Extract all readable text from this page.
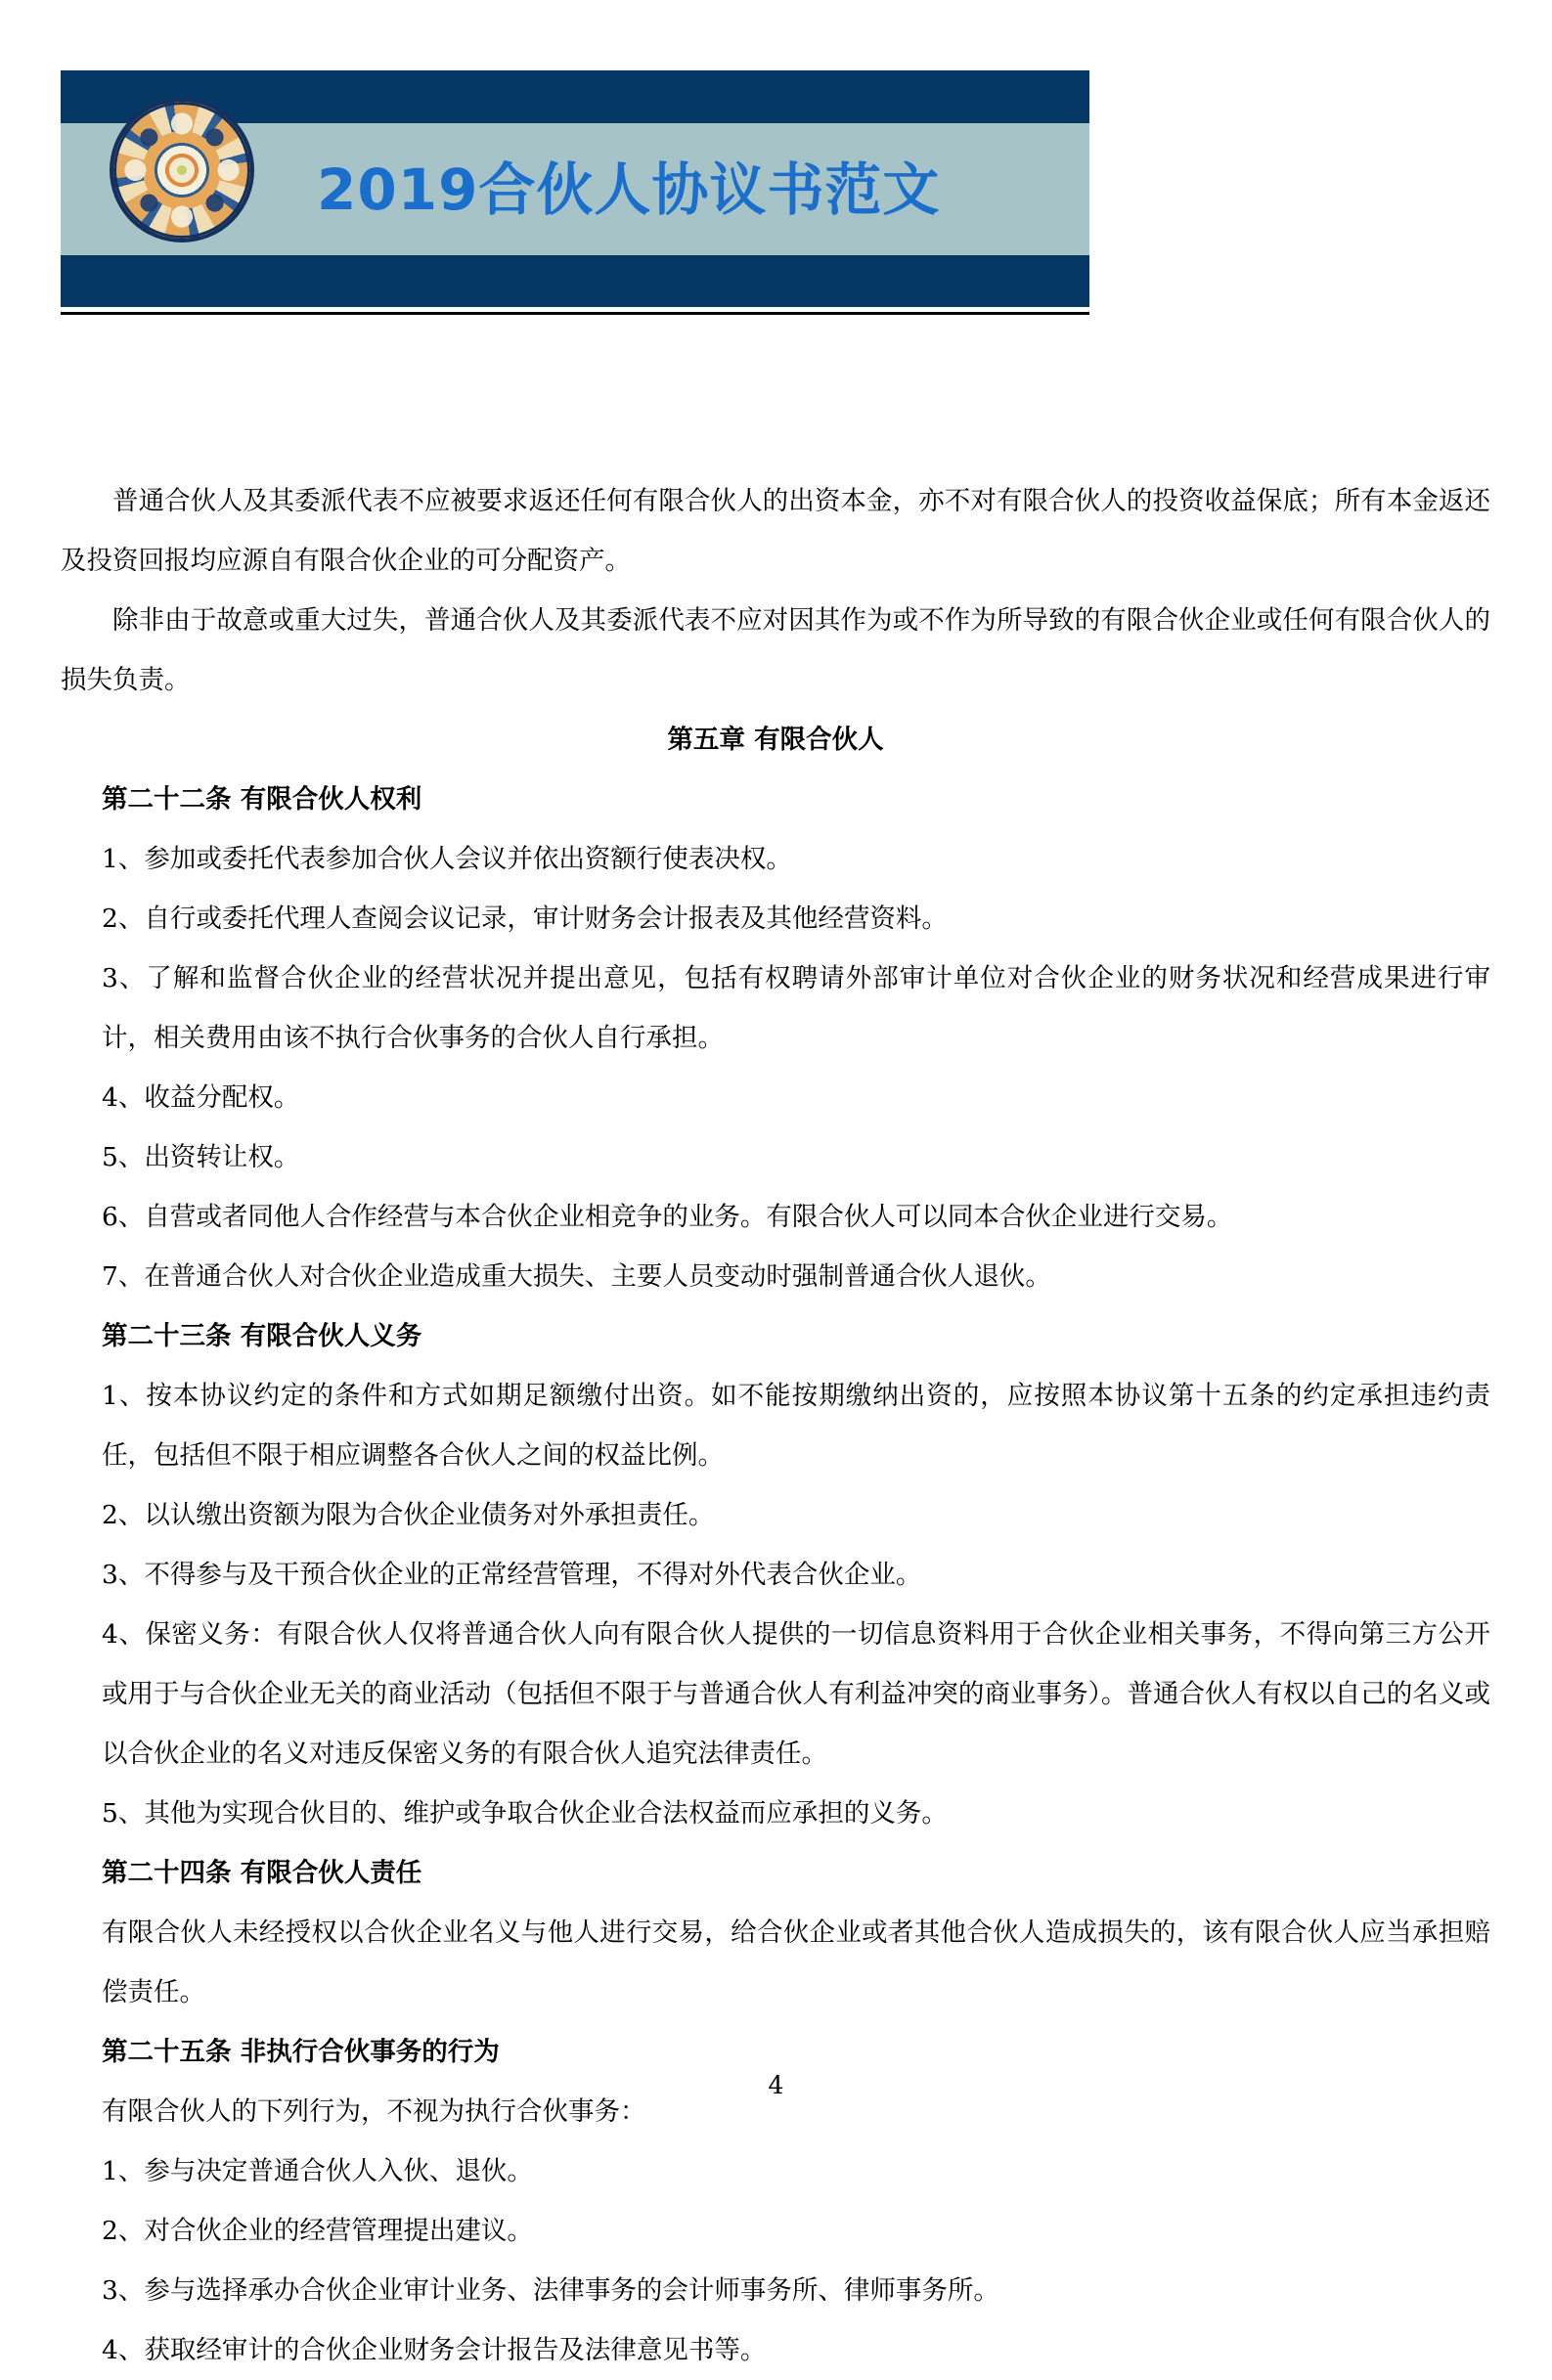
2019合伙人协议书范文

普通合伙人及其委派代表不应被要求返还任何有限合伙人的出资本金，亦不对有限合伙人的投资收益保底；所有本金返还及投资回报均应源自有限合伙企业的可分配资产。

除非由于故意或重大过失，普通合伙人及其委派代表不应对因其作为或不作为所导致的有限合伙企业或任何有限合伙人的损失负责。

第五章 有限合伙人

第二十二条 有限合伙人权利

1、参加或委托代表参加合伙人会议并依出资额行使表决权。

2、自行或委托代理人查阅会议记录，审计财务会计报表及其他经营资料。

3、了解和监督合伙企业的经营状况并提出意见，包括有权聘请外部审计单位对合伙企业的财务状况和经营成果进行审计，相关费用由该不执行合伙事务的合伙人自行承担。

4、收益分配权。

5、出资转让权。

6、自营或者同他人合作经营与本合伙企业相竞争的业务。有限合伙人可以同本合伙企业进行交易。

7、在普通合伙人对合伙企业造成重大损失、主要人员变动时强制普通合伙人退伙。

第二十三条 有限合伙人义务

1、按本协议约定的条件和方式如期足额缴付出资。如不能按期缴纳出资的，应按照本协议第十五条的约定承担违约责任，包括但不限于相应调整各合伙人之间的权益比例。

2、以认缴出资额为限为合伙企业债务对外承担责任。

3、不得参与及干预合伙企业的正常经营管理，不得对外代表合伙企业。

4、保密义务：有限合伙人仅将普通合伙人向有限合伙人提供的一切信息资料用于合伙企业相关事务，不得向第三方公开或用于与合伙企业无关的商业活动（包括但不限于与普通合伙人有利益冲突的商业事务）。普通合伙人有权以自己的名义或以合伙企业的名义对违反保密义务的有限合伙人追究法律责任。

5、其他为实现合伙目的、维护或争取合伙企业合法权益而应承担的义务。

第二十四条 有限合伙人责任

有限合伙人未经授权以合伙企业名义与他人进行交易，给合伙企业或者其他合伙人造成损失的，该有限合伙人应当承担赔偿责任。

第二十五条 非执行合伙事务的行为

有限合伙人的下列行为，不视为执行合伙事务：

1、参与决定普通合伙人入伙、退伙。

2、对合伙企业的经营管理提出建议。

3、参与选择承办合伙企业审计业务、法律事务的会计师事务所、律师事务所。

4、获取经审计的合伙企业财务会计报告及法律意见书等。

4
